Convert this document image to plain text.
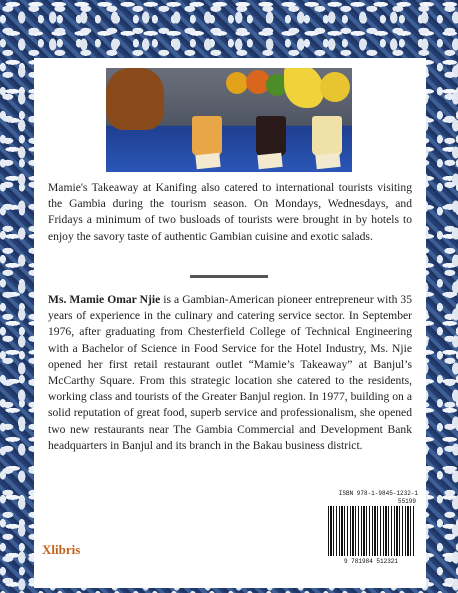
Mamie's Takeaway at Kanifing also catered to international tourists visiting the Gambia during the tourism season. On Mondays, Wednesdays, and Fridays a minimum of two busloads of tourists were brought in by hotels to enjoy the savory taste of authentic Gambian cuisine and exotic salads.

Ms. Mamie Omar Njie is a Gambian-American pioneer entrepreneur with 35 years of experience in the culinary and catering service sector. In September 1976, after graduating from Chesterfield College of Technical Engineering with a Bachelor of Science in Food Service for the Hotel Industry, Ms. Njie opened her first retail restaurant outlet “Mamie’s Takeaway” at Banjul’s McCarthy Square. From this strategic location she catered to the residents, working class and tourists of the Greater Banjul region. In 1977, building on a solid reputation of great food, superb service and professionalism, she opened two new restaurants near The Gambia Commercial and Development Bank headquarters in Banjul and its branch in the Bakau business district.

ISBN 978-1-9845-1232-1
55199
9 781984 512321
Xlibris
